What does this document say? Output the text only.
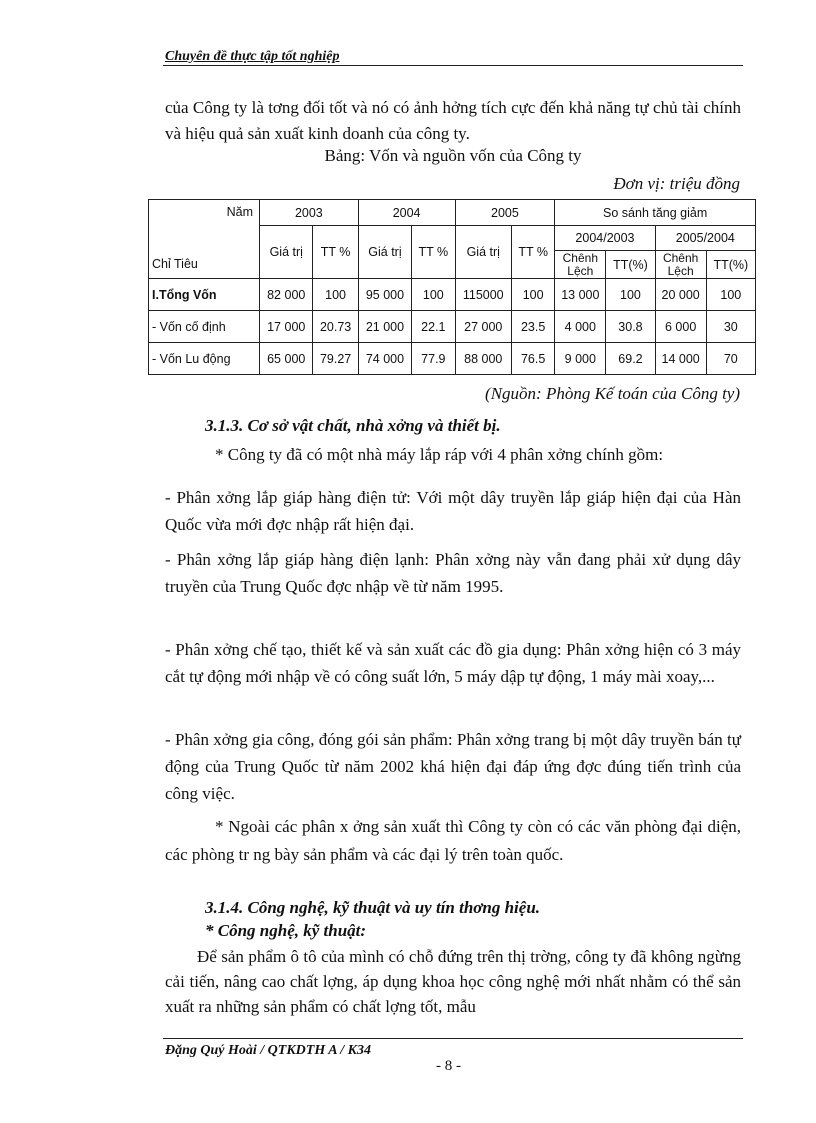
Chuyên đề thực tập tốt nghiệp
của Công ty là tơng đối tốt và nó có ảnh hởng tích cực đến khả năng tự chủ tài chính và hiệu quả sản xuất kinh doanh của công ty.
Bảng: Vốn và nguồn vốn của Công ty
Đơn vị: triệu đồng
Năm
Chỉ Tiêu	2003		2004		2005		So sánh tăng giảm			
	Giá trị	TT %	Giá trị	TT %	Giá trị	TT %	2004/2003		2005/2004	
							Chênh Lệch	TT(%)	Chênh Lệch	TT(%)
I.Tổng Vốn	82 000	100	95 000	100	115000	100	13 000	100	20 000	100
- Vốn cố định	17 000	20.73	21 000	22.1	27 000	23.5	4 000	30.8	6 000	30
- Vốn Lu động	65 000	79.27	74 000	77.9	88 000	76.5	9 000	69.2	14 000	70
(Nguồn: Phòng Kế toán của Công ty)
3.1.3. Cơ sở vật chất, nhà xởng và thiết bị.
* Công ty đã có một nhà máy lắp ráp với 4 phân xởng chính gồm:
- Phân xởng lắp giáp hàng điện tử: Với một dây truyền lắp giáp hiện đại của Hàn Quốc vừa mới đợc nhập rất hiện đại.
- Phân xởng lắp giáp hàng điện lạnh: Phân xởng này vẫn đang phải xử dụng dây truyền của Trung Quốc đợc nhập về từ năm 1995.
- Phân xởng chế tạo, thiết kế và sản xuất các đồ gia dụng: Phân xởng hiện có 3 máy cắt tự động mới nhập về có công suất lớn, 5 máy dập tự động, 1 máy mài xoay,...
- Phân xởng gia công, đóng gói sản phẩm: Phân xởng trang bị một dây truyền bán tự động của Trung Quốc từ năm 2002 khá hiện đại đáp ứng đợc đúng tiến trình của công việc.
* Ngoài các phân x ởng sản xuất thì Công ty còn có các văn phòng đại diện, các phòng tr ng bày sản phẩm và các đại lý trên toàn quốc.
3.1.4. Công nghệ, kỹ thuật và uy tín thơng hiệu.
* Công nghệ, kỹ thuật:
Để sản phẩm ô tô của mình có chỗ đứng trên thị trờng, công ty đã không ngừng cải tiến, nâng cao chất lợng, áp dụng khoa học công nghệ mới nhất nhằm có thể sản xuất ra những sản phẩm có chất lợng tốt, mẫu
Đặng Quý Hoài / QTKDTH A / K34
- 8 -
